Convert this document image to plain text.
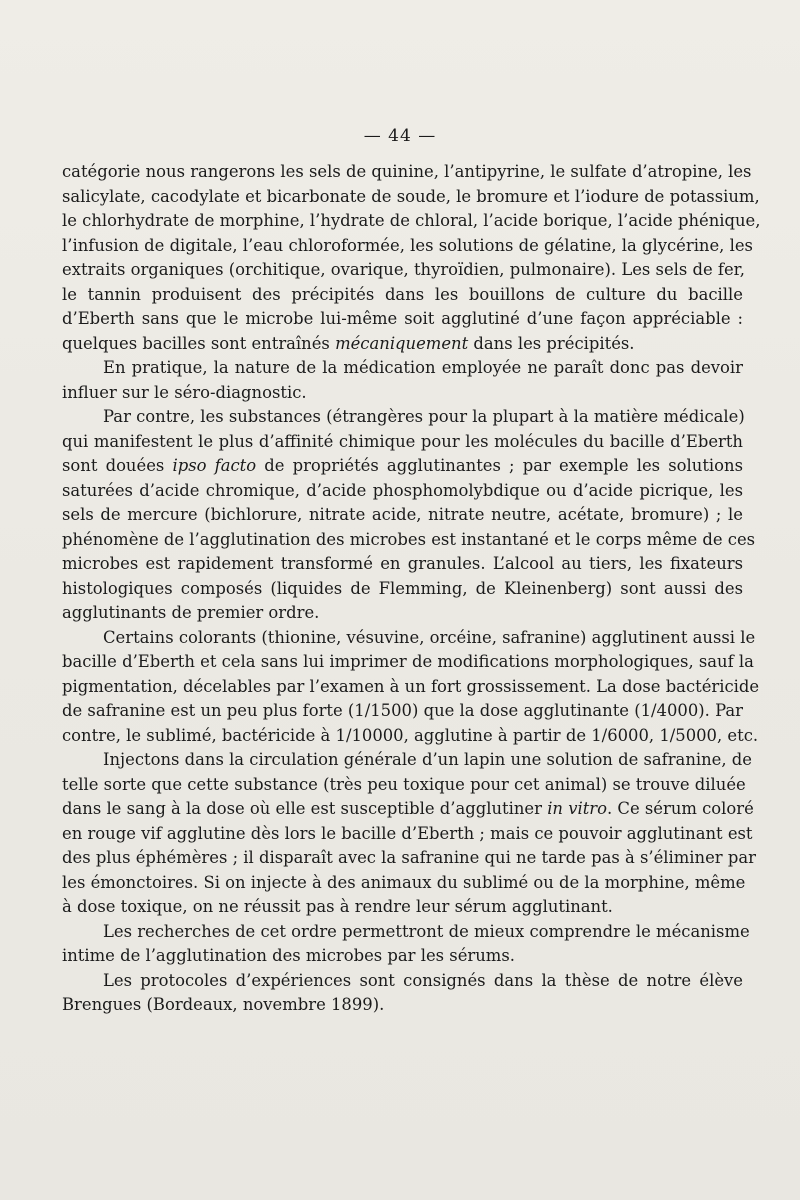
— 44 —
catégorie nous rangerons les sels de quinine, l’antipyrine, le sulfate d’atropine, les
salicylate, cacodylate et bicarbonate de soude, le bromure et l’iodure de potassium,
le chlorhydrate de morphine, l’hydrate de chloral, l’acide borique, l’acide phénique,
l’infusion de digitale, l’eau chloroformée, les solutions de gélatine, la glycérine, les
extraits organiques (orchitique, ovarique, thyroïdien, pulmonaire). Les sels de fer,
le tannin produisent des précipités dans les bouillons de culture du bacille
d’Eberth sans que le microbe lui-même soit agglutiné d’une façon appréciable :
quelques bacilles sont entraînés mécaniquement dans les précipités.
En pratique, la nature de la médication employée ne paraît donc pas devoir
influer sur le séro-diagnostic.
Par contre, les substances (étrangères pour la plupart à la matière médicale)
qui manifestent le plus d’affinité chimique pour les molécules du bacille d’Eberth
sont douées ipso facto de propriétés agglutinantes ; par exemple les solutions
saturées d’acide chromique, d’acide phosphomolybdique ou d’acide picrique, les
sels de mercure (bichlorure, nitrate acide, nitrate neutre, acétate, bromure) ; le
phénomène de l’agglutination des microbes est instantané et le corps même de ces
microbes est rapidement transformé en granules. L’alcool au tiers, les fixateurs
histologiques composés (liquides de Flemming, de Kleinenberg) sont aussi des
agglutinants de premier ordre.
Certains colorants (thionine, vésuvine, orcéine, safranine) agglutinent aussi le
bacille d’Eberth et cela sans lui imprimer de modifications morphologiques, sauf la
pigmentation, décelables par l’examen à un fort grossissement. La dose bactéricide
de safranine est un peu plus forte (1/1500) que la dose agglutinante (1/4000). Par
contre, le sublimé, bactéricide à 1/10000, agglutine à partir de 1/6000, 1/5000, etc.
Injectons dans la circulation générale d’un lapin une solution de safranine, de
telle sorte que cette substance (très peu toxique pour cet animal) se trouve diluée
dans le sang à la dose où elle est susceptible d’agglutiner in vitro. Ce sérum coloré
en rouge vif agglutine dès lors le bacille d’Eberth ; mais ce pouvoir agglutinant est
des plus éphémères ; il disparaît avec la safranine qui ne tarde pas à s’éliminer par
les émonctoires. Si on injecte à des animaux du sublimé ou de la morphine, même
à dose toxique, on ne réussit pas à rendre leur sérum agglutinant.
Les recherches de cet ordre permettront de mieux comprendre le mécanisme
intime de l’agglutination des microbes par les sérums.
Les protocoles d’expériences sont consignés dans la thèse de notre élève
Brengues (Bordeaux, novembre 1899).
